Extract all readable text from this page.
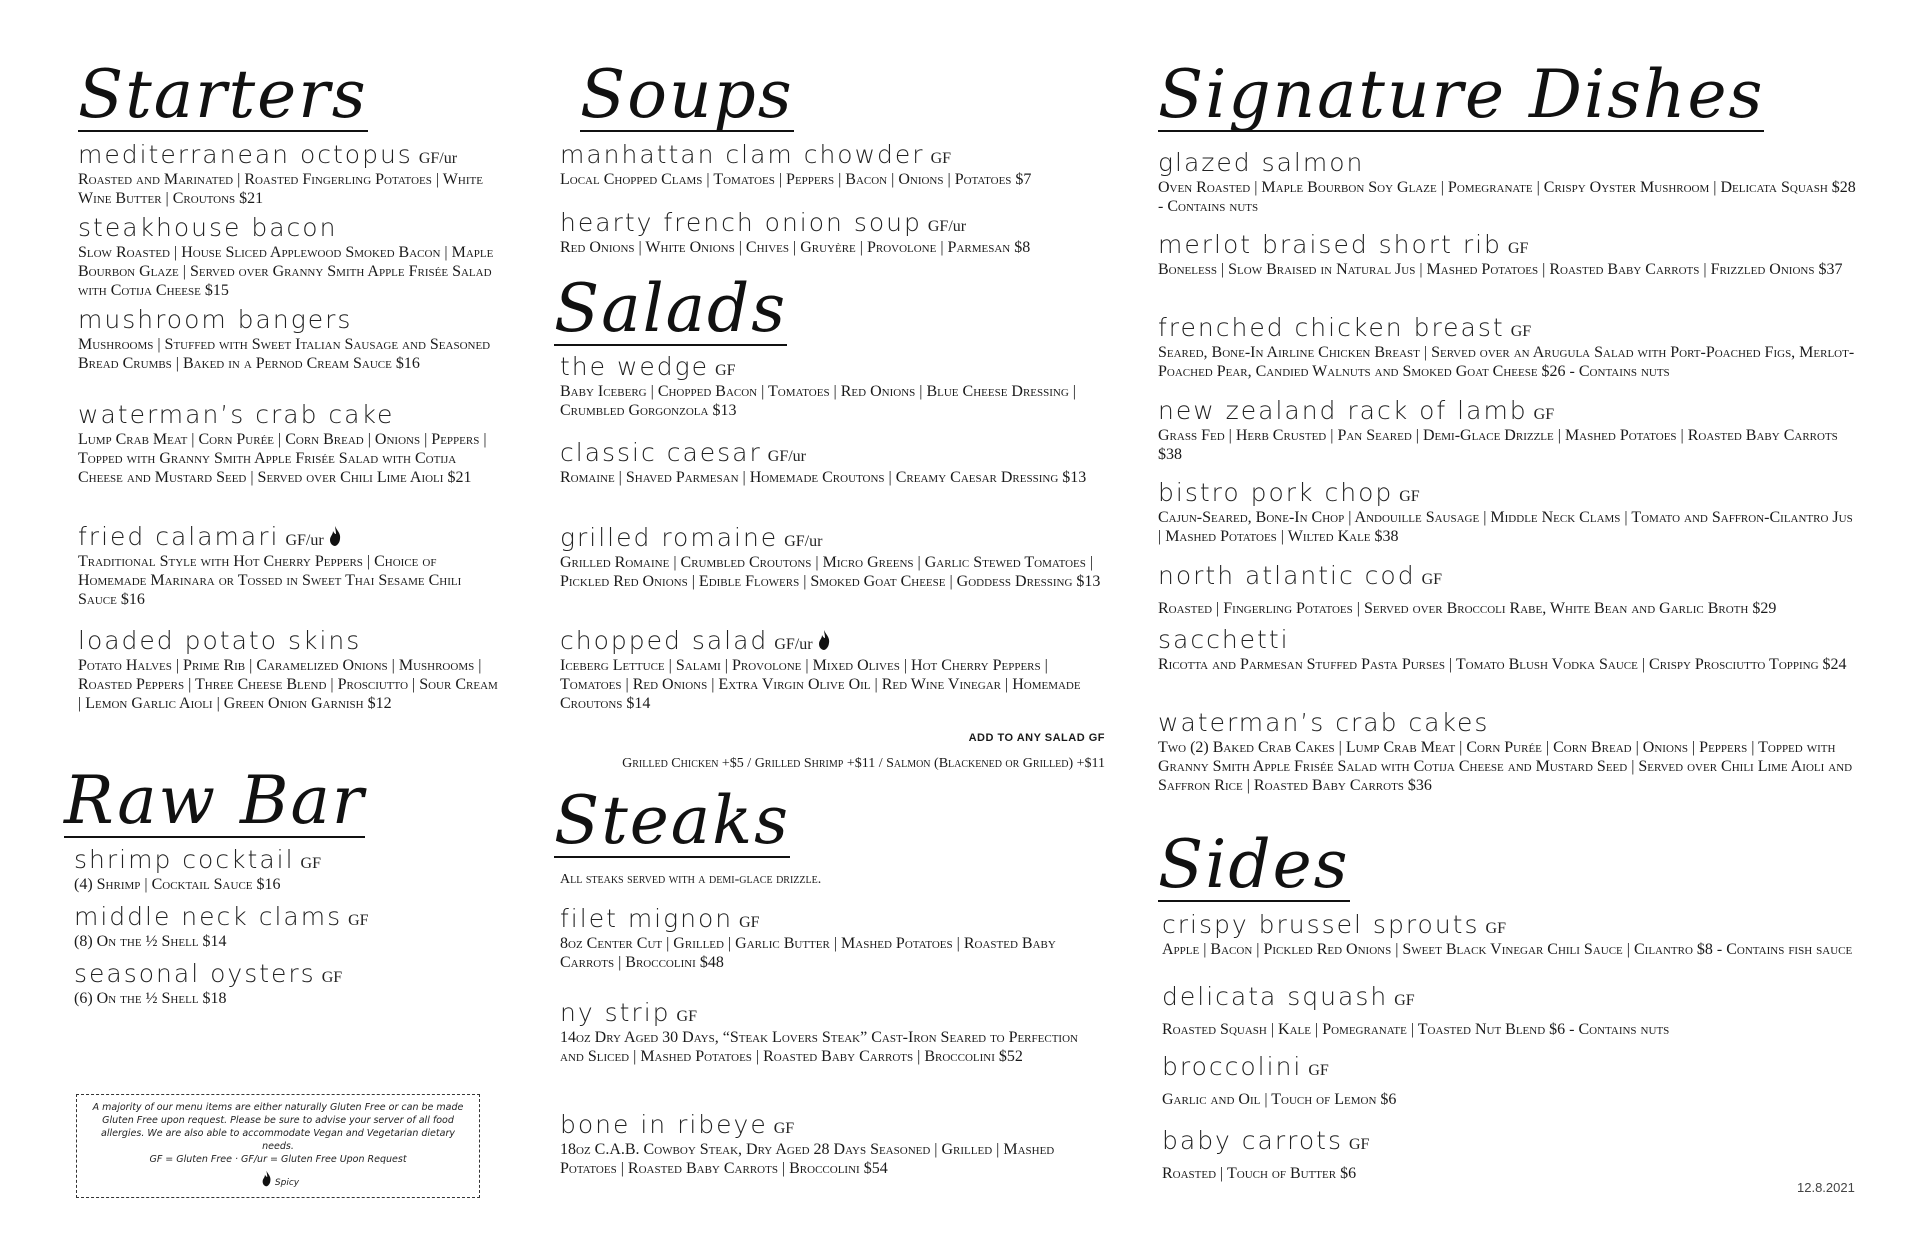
Starters
mediterranean octopus GF/ur
Roasted and Marinated | Roasted Fingerling Potatoes | White Wine Butter | Croutons $21
steakhouse bacon
Slow Roasted | House Sliced Applewood Smoked Bacon | Maple Bourbon Glaze | Served over Granny Smith Apple Frisée Salad with Cotija Cheese $15
mushroom bangers
Mushrooms | Stuffed with Sweet Italian Sausage and Seasoned Bread Crumbs | Baked in a Pernod Cream Sauce $16
waterman’s crab cake
Lump Crab Meat | Corn Purée | Corn Bread | Onions | Peppers | Topped with Granny Smith Apple Frisée Salad with Cotija Cheese and Mustard Seed | Served over Chili Lime Aioli $21
fried calamari GF/ur
Traditional Style with Hot Cherry Peppers | Choice of Homemade Marinara or Tossed in Sweet Thai Sesame Chili Sauce $16
loaded potato skins
Potato Halves | Prime Rib | Caramelized Onions | Mushrooms | Roasted Peppers | Three Cheese Blend | Prosciutto | Sour Cream | Lemon Garlic Aioli | Green Onion Garnish $12
Raw Bar
shrimp cocktail GF
(4) Shrimp | Cocktail Sauce $16
middle neck clams GF
(8) On the ½ Shell $14
seasonal oysters GF
(6) On the ½ Shell $18
A majority of our menu items are either naturally Gluten Free or can be made Gluten Free upon request. Please be sure to advise your server of all food allergies. We are also able to accommodate Vegan and Vegetarian dietary needs.
GF = Gluten Free · GF/ur = Gluten Free Upon Request
Spicy
Soups
manhattan clam chowder GF
Local Chopped Clams | Tomatoes | Peppers | Bacon | Onions | Potatoes $7
hearty french onion soup GF/ur
Red Onions | White Onions | Chives | Gruyère | Provolone | Parmesan $8
Salads
the wedge GF
Baby Iceberg | Chopped Bacon | Tomatoes | Red Onions | Blue Cheese Dressing | Crumbled Gorgonzola $13
classic caesar GF/ur
Romaine | Shaved Parmesan | Homemade Croutons | Creamy Caesar Dressing $13
grilled romaine GF/ur
Grilled Romaine | Crumbled Croutons | Micro Greens | Garlic Stewed Tomatoes | Pickled Red Onions | Edible Flowers | Smoked Goat Cheese | Goddess Dressing $13
chopped salad GF/ur
Iceberg Lettuce | Salami | Provolone | Mixed Olives | Hot Cherry Peppers | Tomatoes | Red Onions | Extra Virgin Olive Oil | Red Wine Vinegar | Homemade Croutons $14
ADD TO ANY SALAD GF
Grilled Chicken +$5 / Grilled Shrimp +$11 / Salmon (Blackened or Grilled) +$11
Steaks
All steaks served with a demi-glace drizzle.
filet mignon GF
8oz Center Cut | Grilled | Garlic Butter | Mashed Potatoes | Roasted Baby Carrots | Broccolini $48
ny strip GF
14oz Dry Aged 30 Days, “Steak Lovers Steak” Cast-Iron Seared to Perfection and Sliced | Mashed Potatoes | Roasted Baby Carrots | Broccolini $52
bone in ribeye GF
18oz C.A.B. Cowboy Steak, Dry Aged 28 Days Seasoned | Grilled | Mashed Potatoes | Roasted Baby Carrots | Broccolini $54
Signature Dishes
glazed salmon
Oven Roasted | Maple Bourbon Soy Glaze | Pomegranate | Crispy Oyster Mushroom | Delicata Squash $28 - Contains nuts
merlot braised short rib GF
Boneless | Slow Braised in Natural Jus | Mashed Potatoes | Roasted Baby Carrots | Frizzled Onions $37
frenched chicken breast GF
Seared, Bone-In Airline Chicken Breast | Served over an Arugula Salad with Port-Poached Figs, Merlot-Poached Pear, Candied Walnuts and Smoked Goat Cheese $26 - Contains nuts
new zealand rack of lamb GF
Grass Fed | Herb Crusted | Pan Seared | Demi-Glace Drizzle | Mashed Potatoes | Roasted Baby Carrots $38
bistro pork chop GF
Cajun-Seared, Bone-In Chop | Andouille Sausage | Middle Neck Clams | Tomato and Saffron-Cilantro Jus | Mashed Potatoes | Wilted Kale $38
north atlantic cod GF
Roasted | Fingerling Potatoes | Served over Broccoli Rabe, White Bean and Garlic Broth $29
sacchetti
Ricotta and Parmesan Stuffed Pasta Purses | Tomato Blush Vodka Sauce | Crispy Prosciutto Topping $24
waterman’s crab cakes
Two (2) Baked Crab Cakes | Lump Crab Meat | Corn Purée | Corn Bread | Onions | Peppers | Topped with Granny Smith Apple Frisée Salad with Cotija Cheese and Mustard Seed | Served over Chili Lime Aioli and Saffron Rice | Roasted Baby Carrots $36
Sides
crispy brussel sprouts GF
Apple | Bacon | Pickled Red Onions | Sweet Black Vinegar Chili Sauce | Cilantro $8 - Contains fish sauce
delicata squash GF
Roasted Squash | Kale | Pomegranate | Toasted Nut Blend $6 - Contains nuts
broccolini GF
Garlic and Oil | Touch of Lemon $6
baby carrots GF
Roasted | Touch of Butter $6
12.8.2021
